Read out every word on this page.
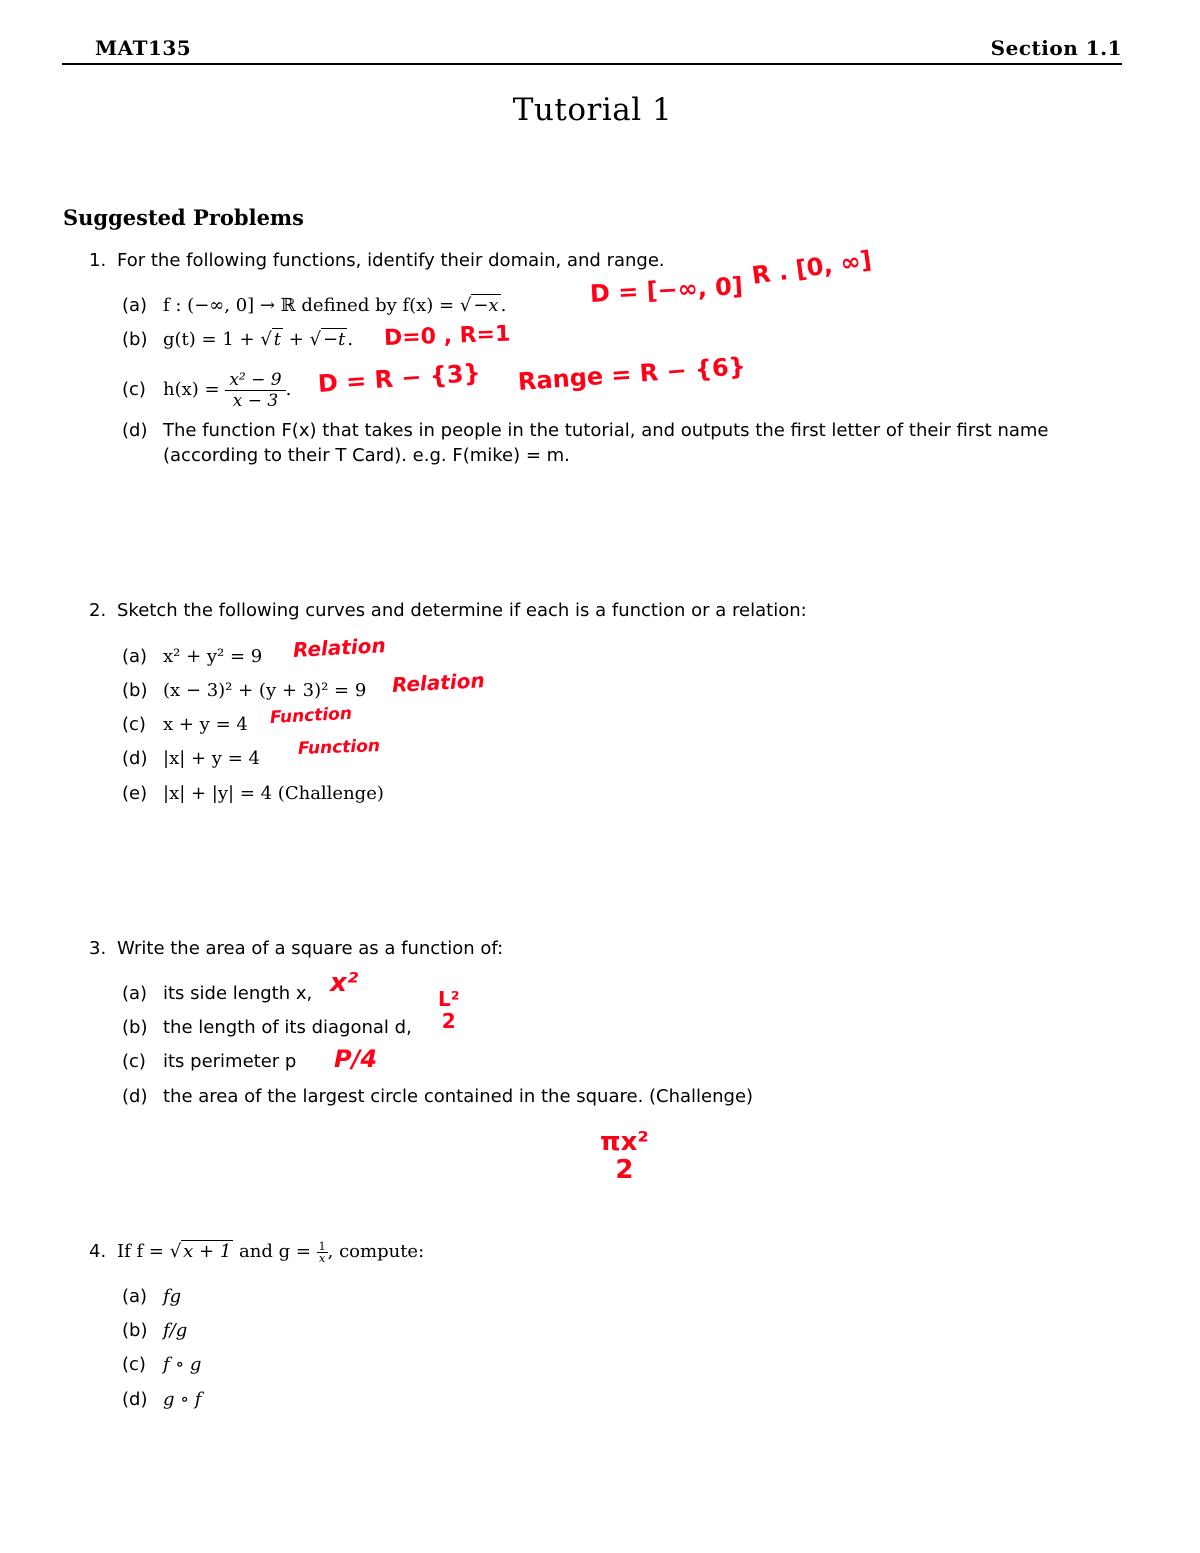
MAT135	Section 1.1
Tutorial 1
Suggested Problems
1. For the following functions, identify their domain, and range.
(a) f : (−∞, 0] → ℝ defined by f(x) = √ −x .
(b) g(t) = 1 + √ t + √ −t .
(c) $h(x) = \frac{\text{x² − 9}}{x - 3}$ .
(d) The function F(x) that takes in people in the tutorial, and outputs the first letter of their first name
(according to their T Card). e.g. F(mike) = m.
2. Sketch the following curves and determine if each is a function or a relation:
(a) x² + y² = 9
(b) (x − 3)² + (y + 3)² = 9
(c) x + y = 4
(d) |x| + y = 4
(e) |x| + |y| = 4 (Challenge)
3. Write the area of a square as a function of:
(a) its side length x,
(b) the length of its diagonal d,
(c) its perimeter p
(d) the area of the largest circle contained in the square. (Challenge)
4. If f = √ x + 1 and $g = \frac{1}{x}$ , compute:
(a) fg
(b) f/g
(c) f ∘ g
(d) g ∘ f
D = [−∞, 0]
R . [0, ∞]
D=0 , R=1
D = R − {3} Range = R − {6}
Relation
Relation
Function
Function
x²
L²
2
P/4
πx²
2
